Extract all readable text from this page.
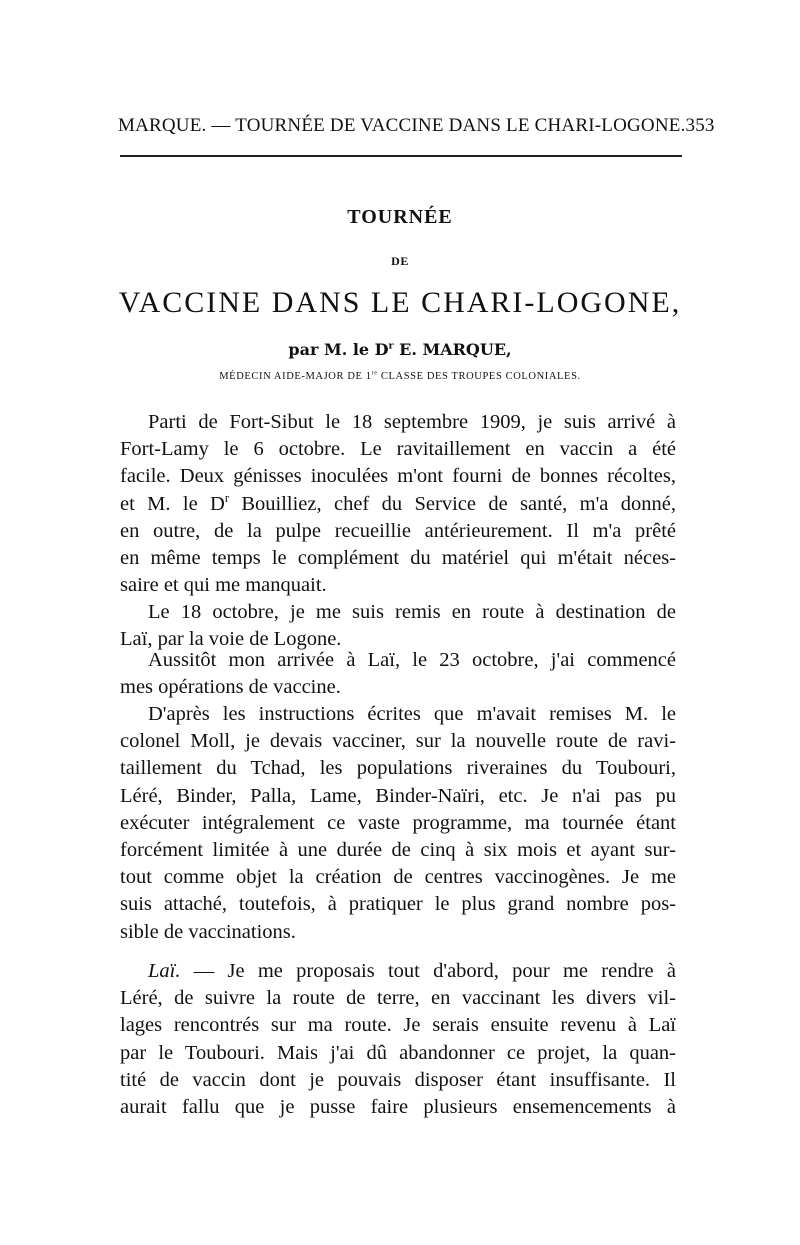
MARQUE. — TOURNÉE DE VACCINE DANS LE CHARI-LOGONE. 353
TOURNÉE
DE
VACCINE DANS LE CHARI-LOGONE,
par M. le $D^r$ E. MARQUE,
MÉDECIN AIDE-MAJOR DE 1re CLASSE DES TROUPES COLONIALES.
Parti de Fort-Sibut le 18 septembre 1909, je suis arrivé à
Fort-Lamy le 6 octobre. Le ravitaillement en vaccin a été
facile. Deux génisses inoculées m'ont fourni de bonnes récoltes,
et M. le $D^r$ Bouilliez, chef du Service de santé, m'a donné,
en outre, de la pulpe recueillie antérieurement. Il m'a prêté
en même temps le complément du matériel qui m'était néces-
saire et qui me manquait.
Le 18 octobre, je me suis remis en route à destination de
Laï, par la voie de Logone.
Aussitôt mon arrivée à Laï, le 23 octobre, j'ai commencé
mes opérations de vaccine.
D'après les instructions écrites que m'avait remises M. le
colonel Moll, je devais vacciner, sur la nouvelle route de ravi-
taillement du Tchad, les populations riveraines du Toubouri,
Léré, Binder, Palla, Lame, Binder-Naïri, etc. Je n'ai pas pu
exécuter intégralement ce vaste programme, ma tournée étant
forcément limitée à une durée de cinq à six mois et ayant sur-
tout comme objet la création de centres vaccinogènes. Je me
suis attaché, toutefois, à pratiquer le plus grand nombre pos-
sible de vaccinations.
Laï. — Je me proposais tout d'abord, pour me rendre à
Léré, de suivre la route de terre, en vaccinant les divers vil-
lages rencontrés sur ma route. Je serais ensuite revenu à Laï
par le Toubouri. Mais j'ai dû abandonner ce projet, la quan-
tité de vaccin dont je pouvais disposer étant insuffisante. Il
aurait fallu que je pusse faire plusieurs ensemencements à
